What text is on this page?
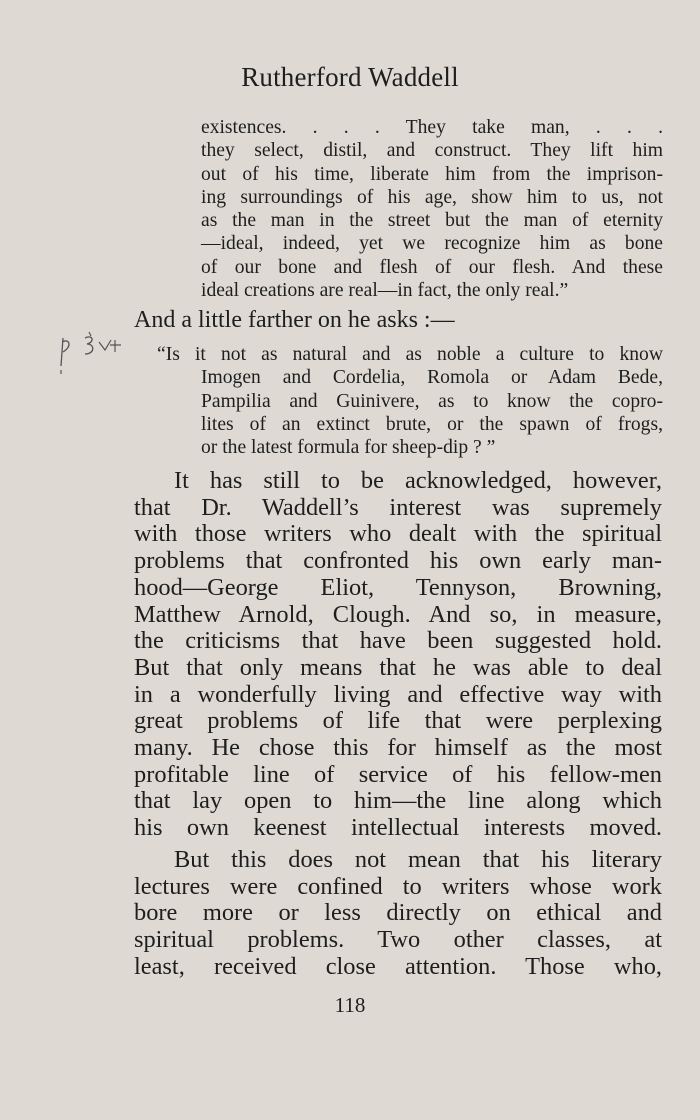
Rutherford Waddell
existences. . . . They take man, . . .
they select, distil, and construct. They lift him
out of his time, liberate him from the imprison-
ing surroundings of his age, show him to us, not
as the man in the street but the man of eternity
—ideal, indeed, yet we recognize him as bone
of our bone and flesh of our flesh. And these
ideal creations are real—in fact, the only real.”
And a little farther on he asks :—
“Is it not as natural and as noble a culture to know
Imogen and Cordelia, Romola or Adam Bede,
Pampilia and Guinivere, as to know the copro-
lites of an extinct brute, or the spawn of frogs,
or the latest formula for sheep-dip ? ”
It has still to be acknowledged, however,
that Dr. Waddell’s interest was supremely
with those writers who dealt with the spiritual
problems that confronted his own early man-
hood—George Eliot, Tennyson, Browning,
Matthew Arnold, Clough. And so, in measure,
the criticisms that have been suggested hold.
But that only means that he was able to deal
in a wonderfully living and effective way with
great problems of life that were perplexing
many. He chose this for himself as the most
profitable line of service of his fellow-men
that lay open to him—the line along which
his own keenest intellectual interests moved.
But this does not mean that his literary
lectures were confined to writers whose work
bore more or less directly on ethical and
spiritual problems. Two other classes, at
least, received close attention. Those who,
118
